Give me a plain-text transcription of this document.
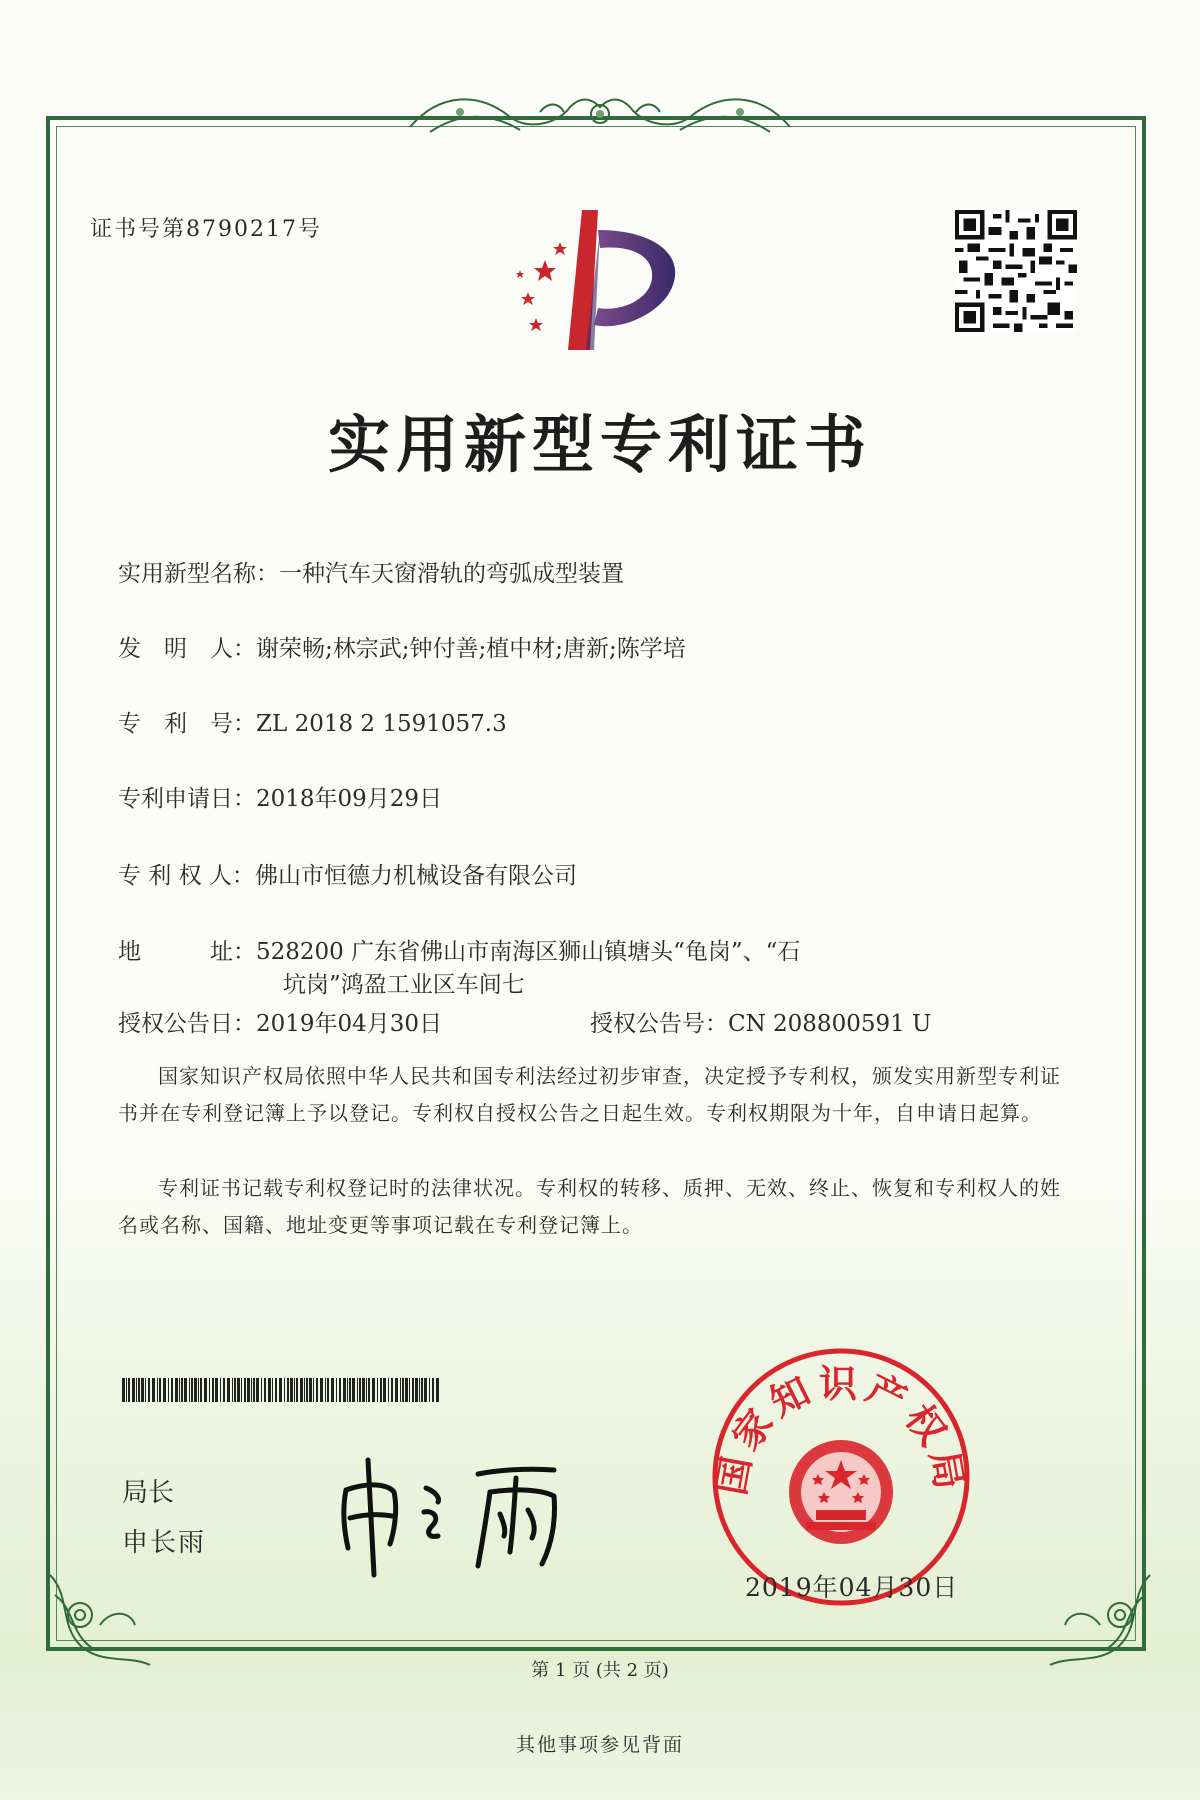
证书号第8790217号
实用新型专利证书
实用新型名称：一种汽车天窗滑轨的弯弧成型装置
发　明　人：谢荣畅;林宗武;钟付善;植中材;唐新;陈学培
专　利　号：ZL 2018 2 1591057.3
专利申请日：2018年09月29日
专 利 权 人：佛山市恒德力机械设备有限公司
地　　　址：528200 广东省佛山市南海区狮山镇塘头“龟岗”、“石
坑岗”鸿盈工业区车间七
授权公告日：2019年04月30日	授权公告号：CN 208800591 U
国家知识产权局依照中华人民共和国专利法经过初步审查，决定授予专利权，颁发实用新型专利证书并在专利登记簿上予以登记。专利权自授权公告之日起生效。专利权期限为十年，自申请日起算。
专利证书记载专利权登记时的法律状况。专利权的转移、质押、无效、终止、恢复和专利权人的姓名或名称、国籍、地址变更等事项记载在专利登记簿上。
局长
申长雨
国家知识产权局
2019年04月30日
第 1 页 (共 2 页)
其他事项参见背面
